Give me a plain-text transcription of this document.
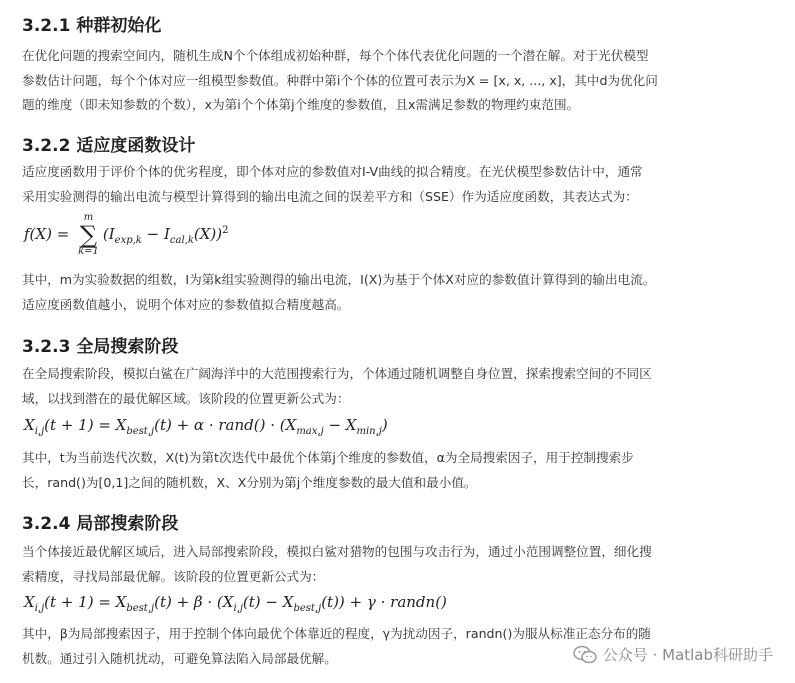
3.2.1 种群初始化

在优化问题的搜索空间内，随机生成N个个体组成初始种群，每个个体代表优化问题的一个潜在解。对于光伏模型

参数估计问题，每个个体对应一组模型参数值。种群中第i个个体的位置可表示为X = [x, x, ..., x]，其中d为优化问

题的维度（即未知参数的个数），x为第i个个体第j个维度的参数值，且x需满足参数的物理约束范围。

3.2.2 适应度函数设计

适应度函数用于评价个体的优劣程度，即个体对应的参数值对I-V曲线的拟合精度。在光伏模型参数估计中，通常

采用实验测得的输出电流与模型计算得到的输出电流之间的误差平方和（SSE）作为适应度函数，其表达式为：

f(X) =
m
∑
k=1
$(I_{exp,k} - I_{cal,k}(X))^2$

其中，m为实验数据的组数，I为第k组实验测得的输出电流，I(X)为基于个体X对应的参数值计算得到的输出电流。

适应度函数值越小，说明个体对应的参数值拟合精度越高。

3.2.3 全局搜索阶段

在全局搜索阶段，模拟白鲨在广阔海洋中的大范围搜索行为，个体通过随机调整自身位置，探索搜索空间的不同区

域，以找到潜在的最优解区域。该阶段的位置更新公式为：

$X_{i,j}(t + 1) = X_{best,j}(t) + \alpha$ · rand() · $(X_{max,j} - X_{min,j})$

其中，t为当前迭代次数，X(t)为第t次迭代中最优个体第j个维度的参数值，α为全局搜索因子，用于控制搜索步

长，rand()为[0,1]之间的随机数，X、X分别为第j个维度参数的最大值和最小值。

3.2.4 局部搜索阶段

当个体接近最优解区域后，进入局部搜索阶段，模拟白鲨对猎物的包围与攻击行为，通过小范围调整位置，细化搜

索精度，寻找局部最优解。该阶段的位置更新公式为：

$X_{i,j}(t + 1) = X_{best,j}(t) + \beta \cdot (X_{i,j}(t) - X_{best,j}(t)) + \gamma$ · randn()

其中，β为局部搜索因子，用于控制个体向最优个体靠近的程度，γ为扰动因子，randn()为服从标准正态分布的随

机数。通过引入随机扰动，可避免算法陷入局部最优解。	公众号 · Matlab科研助手
